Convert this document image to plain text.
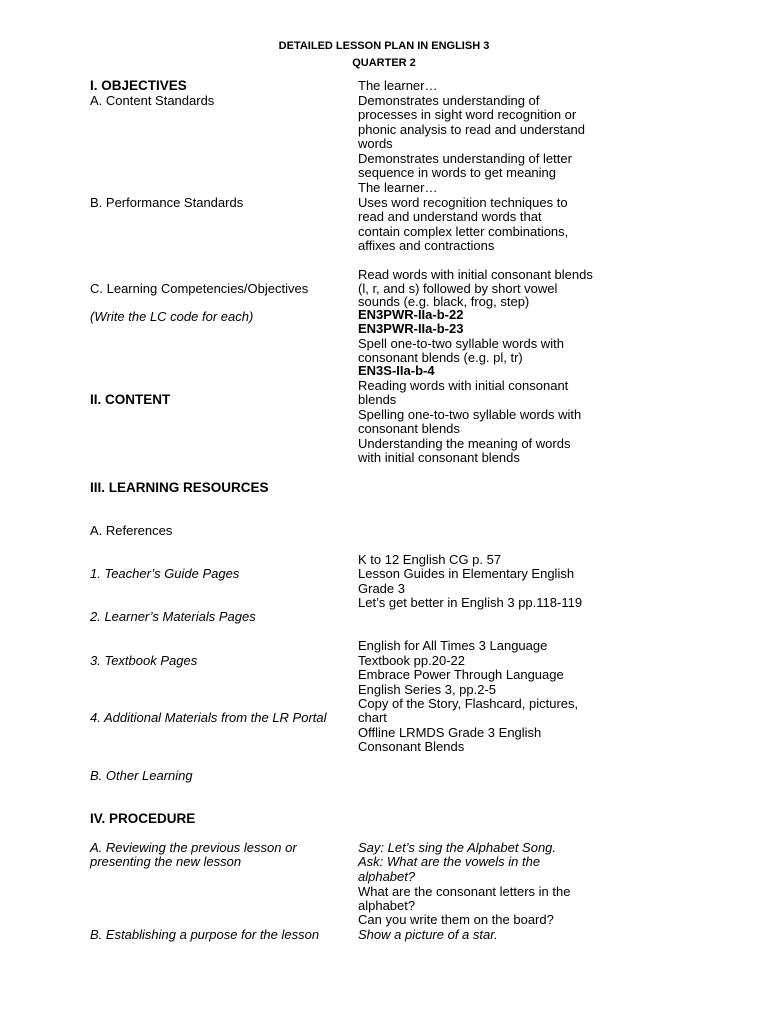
DETAILED LESSON PLAN IN ENGLISH 3
QUARTER 2
I. OBJECTIVES
A. Content Standards
The learner…
Demonstrates understanding of
processes in sight word recognition or
phonic analysis to read and understand
words
Demonstrates understanding of letter
sequence in words to get meaning
B. Performance Standards
The learner…
Uses word recognition techniques to
read and understand words that
contain complex letter combinations,
affixes and contractions
C. Learning Competencies/Objectives
(Write the LC code for each)
Read words with initial consonant blends
(l, r, and s) followed by short vowel
sounds (e.g. black, frog, step)
EN3PWR-IIa-b-22
EN3PWR-IIa-b-23
Spell one-to-two syllable words with
consonant blends (e.g. pl, tr)
EN3S-IIa-b-4
II. CONTENT
Reading words with initial consonant
blends
Spelling one-to-two syllable words with
consonant blends
Understanding the meaning of words
with initial consonant blends
III. LEARNING RESOURCES
A. References
1. Teacher’s Guide Pages
K to 12 English CG p. 57
Lesson Guides in Elementary English
Grade 3
Let’s get better in English 3 pp.118-119
2. Learner’s Materials Pages
3. Textbook Pages
English for All Times 3 Language
Textbook pp.20-22
Embrace Power Through Language
English Series 3, pp.2-5
4. Additional Materials from the LR Portal
Copy of the Story, Flashcard, pictures,
chart
Offline LRMDS Grade 3 English
Consonant Blends
B. Other Learning
IV. PROCEDURE
A. Reviewing the previous lesson or
presenting the new lesson
Say: Let’s sing the Alphabet Song.
Ask: What are the vowels in the
alphabet?
What are the consonant letters in the
alphabet?
Can you write them on the board?
B. Establishing a purpose for the lesson	Show a picture of a star.
